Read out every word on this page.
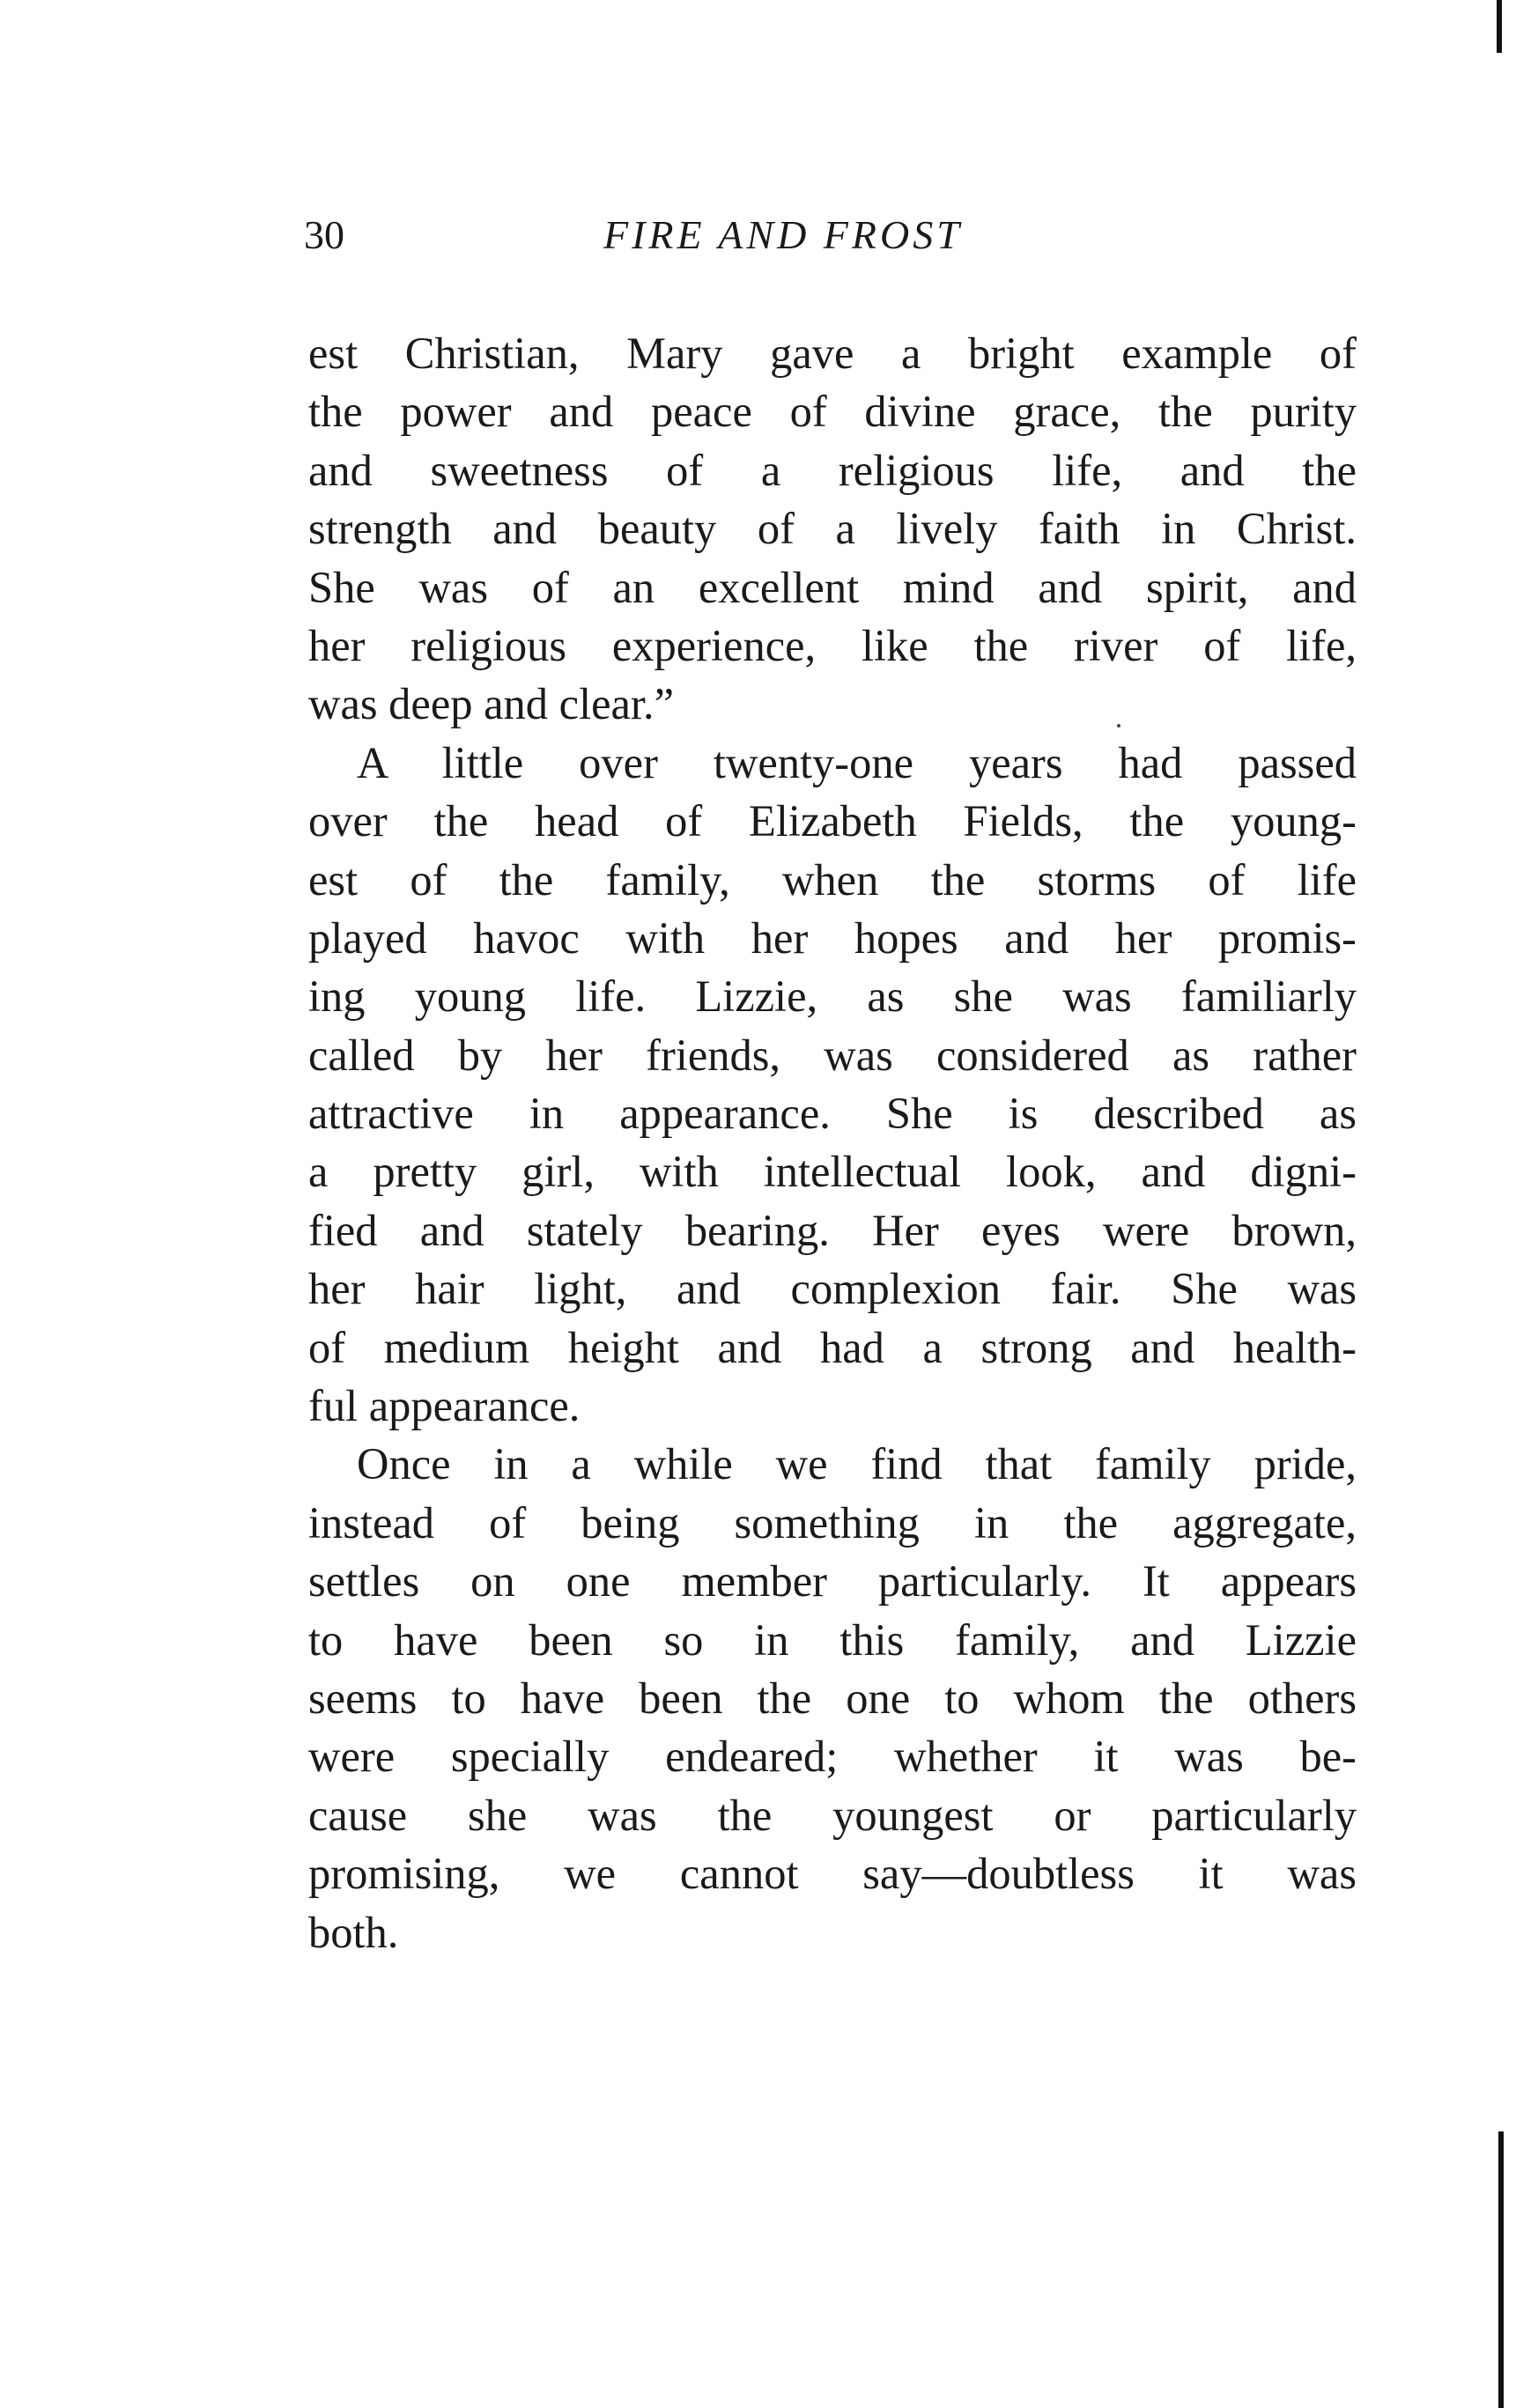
30	FIRE AND FROST
est Christian, Mary gave a bright example of
the power and peace of divine grace, the purity
and sweetness of a religious life, and the
strength and beauty of a lively faith in Christ.
She was of an excellent mind and spirit, and
her religious experience, like the river of life,
was deep and clear.”
A little over twenty-one years had passed
over the head of Elizabeth Fields, the young-
est of the family, when the storms of life
played havoc with her hopes and her promis-
ing young life. Lizzie, as she was familiarly
called by her friends, was considered as rather
attractive in appearance. She is described as
a pretty girl, with intellectual look, and digni-
fied and stately bearing. Her eyes were brown,
her hair light, and complexion fair. She was
of medium height and had a strong and health-
ful appearance.
Once in a while we find that family pride,
instead of being something in the aggregate,
settles on one member particularly. It appears
to have been so in this family, and Lizzie
seems to have been the one to whom the others
were specially endeared; whether it was be-
cause she was the youngest or particularly
promising, we cannot say—doubtless it was
both.
